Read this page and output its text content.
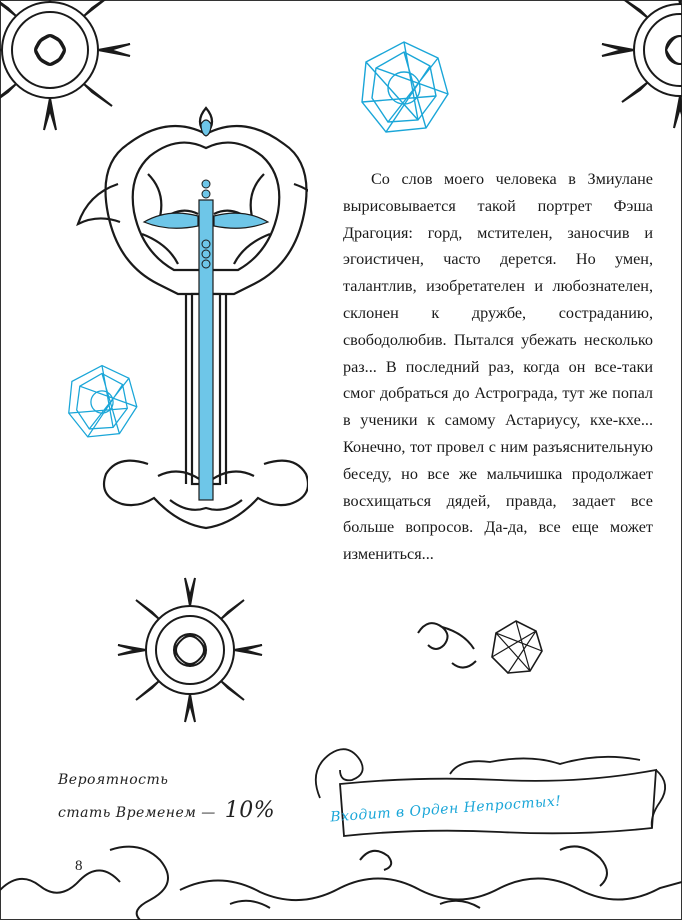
Со слов моего человека в Змиулане вырисовывается такой портрет Фэша Драгоция: горд, мстителен, заносчив и эгоистичен, часто дерется. Но умен, талантлив, изобретателен и любознателен, склонен к дружбе, состраданию, свободолюбив. Пытался убежать несколько раз... В последний раз, когда он все-таки смог добраться до Астрограда, тут же попал в ученики к самому Астариусу, кхе-кхе... Конечно, тот провел с ним разъяснительную беседу, но все же мальчишка продолжает восхищаться дядей, правда, задает все больше вопросов. Да-да, все еще может измениться...

Входит в Орден Непростых!
Вероятность
стать Временем — 10%
8
